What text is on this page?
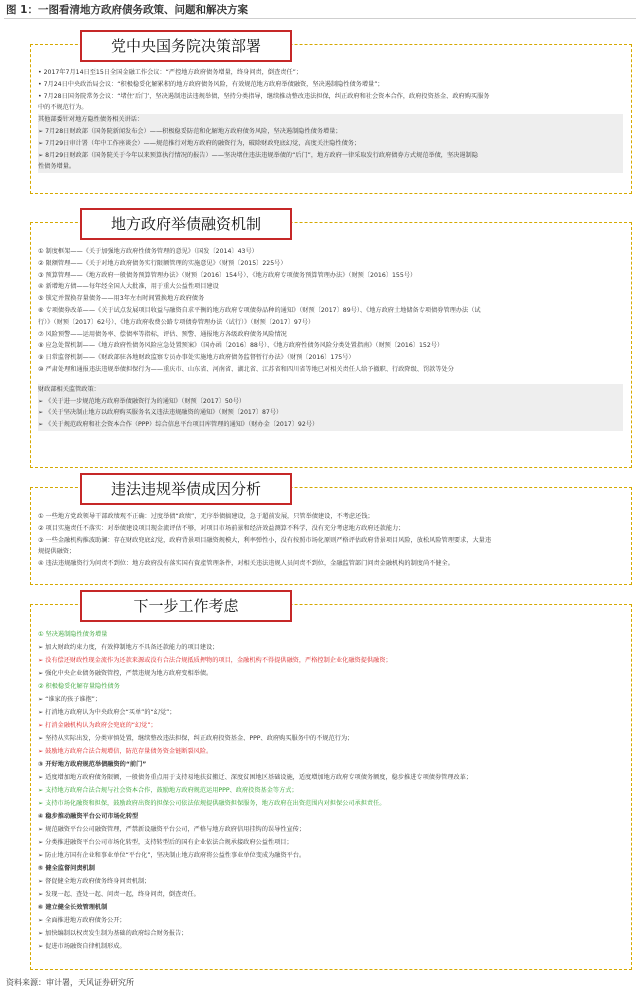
图 1：一图看清地方政府债务政策、问题和解决方案
党中央国务院决策部署
• 2017年7月14日至15日全国金融工作会议：“严控地方政府债务增量，终身问责，倒查责任”；
• 7月24日中央政治局会议：“积极稳妥化解累积的地方政府债务风险，有效规范地方政府举债融资，坚决遏制隐性债务增量”；
• 7月28日国务院常务会议：“堵住‘后门’，坚决遏制违法违规举债，坚持分类指导，继续推动整改违法担保，纠正政府和社会资本合作，政府投资基金、政府购买服务
中的不规范行为。
其他部委针对地方隐性债务相关讲话：
➢ 7月28日财政部（国务院新闻发布会）——积极稳妥防范和化解地方政府债务风险，坚决遏制隐性债务增量；
➢ 7月29日审计署（年中工作座谈会）——规范推行对地方政府的融资行为，破除财政兜底幻觉，高度关注隐性债务；
➢ 8月29日财政部（国务院关于今年以来预算执行情况的报告）——坚决堵住违法违规举债的“后门”，地方政府一律采取发行政府债券方式规范举债，坚决遏制隐
性债务增量。
地方政府举债融资机制
① 制度框架——《关于加强地方政府性债务管理的意见》（国发〔2014〕43号）
② 限额管理——《关于对地方政府债务实行限额管理的实施意见》（财预〔2015〕225号）
③ 预算管理——《地方政府一般债务预算管理办法》（财预〔2016〕154号）、《地方政府专项债务预算管理办法》（财预〔2016〕155号）
④ 新增地方债——每年经全国人大批准，用于重大公益性项目建设
⑤ 锁定并置换存量债务——用3年左右时间置换地方政府债务
⑥ 专项债券改革——《关于试点发展项目收益与融资自求平衡的地方政府专项债券品种的通知》（财预〔2017〕89号）、《地方政府土地储备专项债券管理办法（试
行）》（财预〔2017〕62号）、《地方政府收费公路专项债券管理办法（试行）》（财预〔2017〕97号）
⑦ 风险预警——运用债务率、偿债率等指标，评估、预警、通报地方各级政府债务风险情况
⑧ 应急处置机制——《地方政府性债务风险应急处置预案》（国办函〔2016〕88号）、《地方政府性债务风险分类处置指南》（财预〔2016〕152号）
⑨ 日常监督机制——《财政部驻各地财政监察专员办事处实施地方政府债务监督暂行办法》（财预〔2016〕175号）
⑩ 严肃处理和通报违法违规举债担保行为——重庆市、山东省、河南省、湖北省、江苏省和四川省等地已对相关责任人给予撤职、行政降级、罚款等处分
财政部相关监管政策：
➢ 《关于进一步规范地方政府举债融资行为的通知》（财预〔2017〕50号）
➢ 《关于坚决制止地方以政府购买服务名义违法违规融资的通知》（财预〔2017〕87号）
➢ 《关于规范政府和社会资本合作（PPP）综合信息平台项目库管理的通知》（财办金〔2017〕92号）
违法违规举债成因分析
① 一些地方党政领导干部政绩观不正确：过度举债“政绩”，无序举债搞建设，急于超前发展，只管举债建设，不考虑还钱；
② 项目实施责任不落实：对举债建设项目现金流评估不够，对项目市场前景和经济效益测算不科学，没有充分考虑地方政府还款能力；
③ 一些金融机构推波助澜：存在财政兜底幻觉，政府背景项目融资规模大，利率弹性小，没有按照市场化原则严格评估政府背景项目风险，放松风险管理要求，大量违
规提供融资；
④ 违法违规融资行为问责不到位：地方政府没有落实国有資產管理条件，对相关违法违规人员问责不到位，金融监管部门问责金融机构的制度尚不健全。
下一步工作考虑
① 坚决遏制隐性债务增量
➢ 加大财政约束力度，有效抑制地方不具备还款能力的项目建设；
➢ 没有偿还财政性现金流作为还款来源或没有合法合规抵质押物的项目，金融机构不得提供融资，严格控制企业化融资提供融资；
➢ 强化中央企业债务融资管控，严禁违规为地方政府变相举债。
② 积极稳妥化解存量隐性债务
➢ “谁家的孩子谁抱”；
➢ 打消地方政府认为中央政府会“买单”的“幻觉”；
➢ 打消金融机构认为政府会兜底的“幻觉”；
➢ 坚持从实际出发，分类审慎处置，继续整改违法担保，纠正政府投资基金、PPP、政府购买服务中的不规范行为；
➢ 鼓励地方政府合法合规增信，防范存量债务资金链断裂风险。
③ 开好地方政府规范举债融资的“前门”
➢ 适度增加地方政府债务限额，一般债务重点用于支持易地扶贫搬迁、深度贫困地区基础设施，适度增加地方政府专项债务额度，稳步推进专项债券管理改革；
➢ 支持地方政府合法合规与社会资本合作，鼓励地方政府规范运用PPP、政府投资基金等方式；
➢ 支持市场化融资和担保，鼓励政府出资的担保公司依法依规提供融资担保服务，地方政府在出资范围内对担保公司承担责任。
④ 稳步推动融资平台公司市场化转型
➢ 规范融资平台公司融资管理，严禁新设融资平台公司，严格与地方政府信用挂钩的误导性宣传；
➢ 分类推进融资平台公司市场化转型，支持转型后的国有企业依法合规承接政府公益性项目；
➢ 防止地方国有企业和事业单位“平台化”，坚决制止地方政府将公益性事业单位变成为融资平台。
⑤ 健全监督问责机制
➢ 督促健全地方政府债务终身问责机制；
➢ 发现一起、查处一起、问责一起，终身问责，倒查责任。
⑥ 建立健全长效管理机制
➢ 全面推进地方政府债务公开；
➢ 加快编制以权责发生制为基础的政府综合财务报告；
➢ 促进市场融资自律机制形成。
资料来源：审计署，天风证券研究所
